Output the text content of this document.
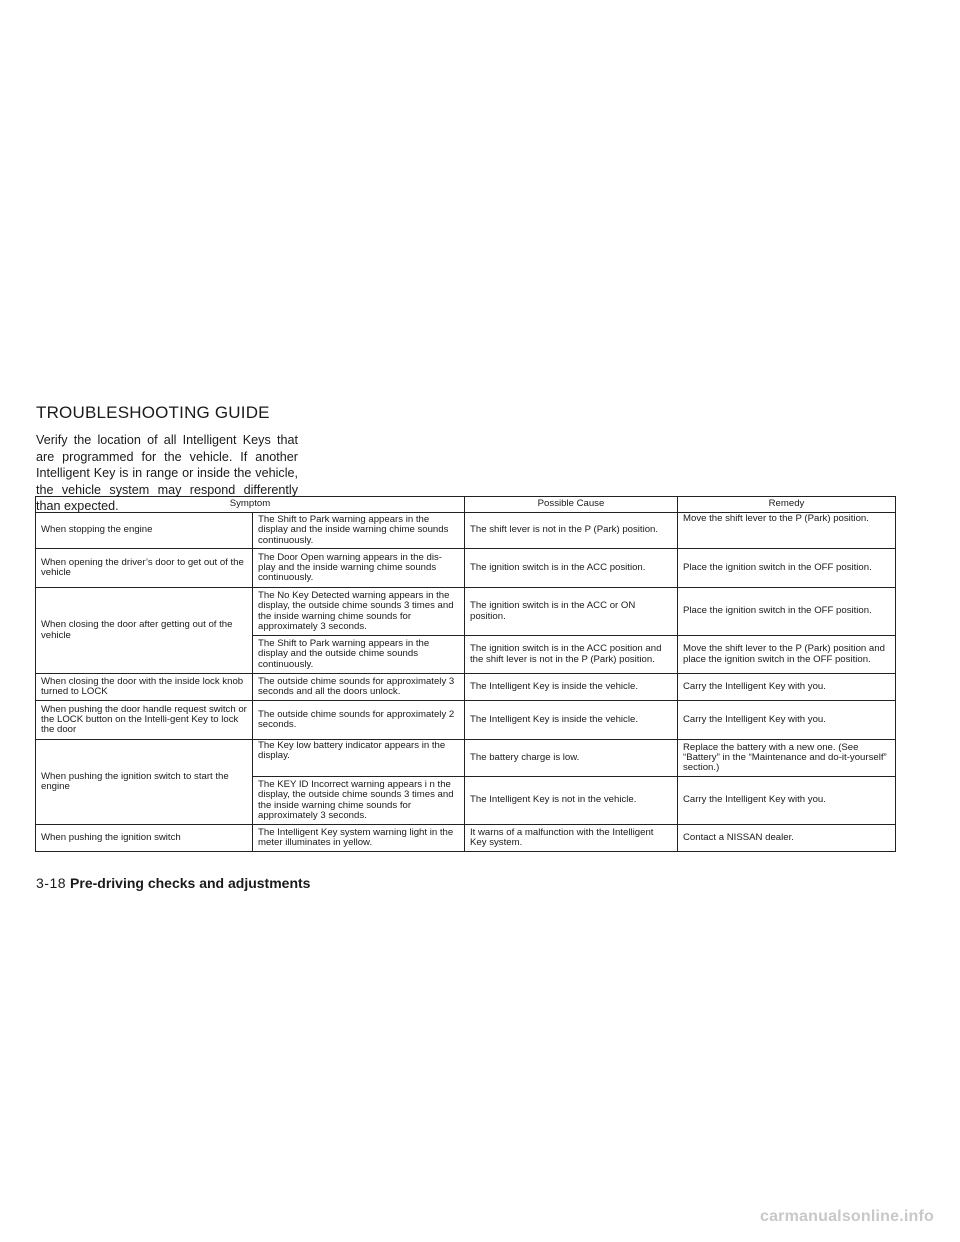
TROUBLESHOOTING GUIDE

Verify the location of all Intelligent Keys that are programmed for the vehicle. If another Intelligent Key is in range or inside the vehicle, the vehicle system may respond differently than expected.	Symptom		Possible Cause	Remedy
When stopping the engine	The Shift to Park warning appears in the display and the inside warning chime sounds continuously.	The shift lever is not in the P (Park) position.	Move the shift lever to the P (Park) position.
When opening the driver’s door to get out of the vehicle	The Door Open warning appears in the dis-play and the inside warning chime sounds continuously.	The ignition switch is in the ACC position.	Place the ignition switch in the OFF position.
When closing the door after getting out of the vehicle	The No Key Detected warning appears in the display, the outside chime sounds 3 times and the inside warning chime sounds for approximately 3 seconds.	The ignition switch is in the ACC or ON position.	Place the ignition switch in the OFF position.
	The Shift to Park warning appears in the display and the outside chime sounds continuously.	The ignition switch is in the ACC position and the shift lever is not in the P (Park) position.	Move the shift lever to the P (Park) position and place the ignition switch in the OFF position.
When closing the door with the inside lock knob turned to LOCK	The outside chime sounds for approximately 3 seconds and all the doors unlock.	The Intelligent Key is inside the vehicle.	Carry the Intelligent Key with you.
When pushing the door handle request switch or the LOCK button on the Intelli-gent Key to lock the door	The outside chime sounds for approximately 2 seconds.	The Intelligent Key is inside the vehicle.	Carry the Intelligent Key with you.
When pushing the ignition switch to start the engine	The Key low battery indicator appears in the display.	The battery charge is low.	Replace the battery with a new one. (See “Battery” in the “Maintenance and do-it-yourself” section.)
	The KEY ID Incorrect warning appears i n the display, the outside chime sounds 3 times and the inside warning chime sounds for approximately 3 seconds.	The Intelligent Key is not in the vehicle.	Carry the Intelligent Key with you.
When pushing the ignition switch	The Intelligent Key system warning light in the meter illuminates in yellow.	It warns of a malfunction with the Intelligent Key system.	Contact a NISSAN dealer.
3-18 Pre-driving checks and adjustments
carmanualsonline.info
